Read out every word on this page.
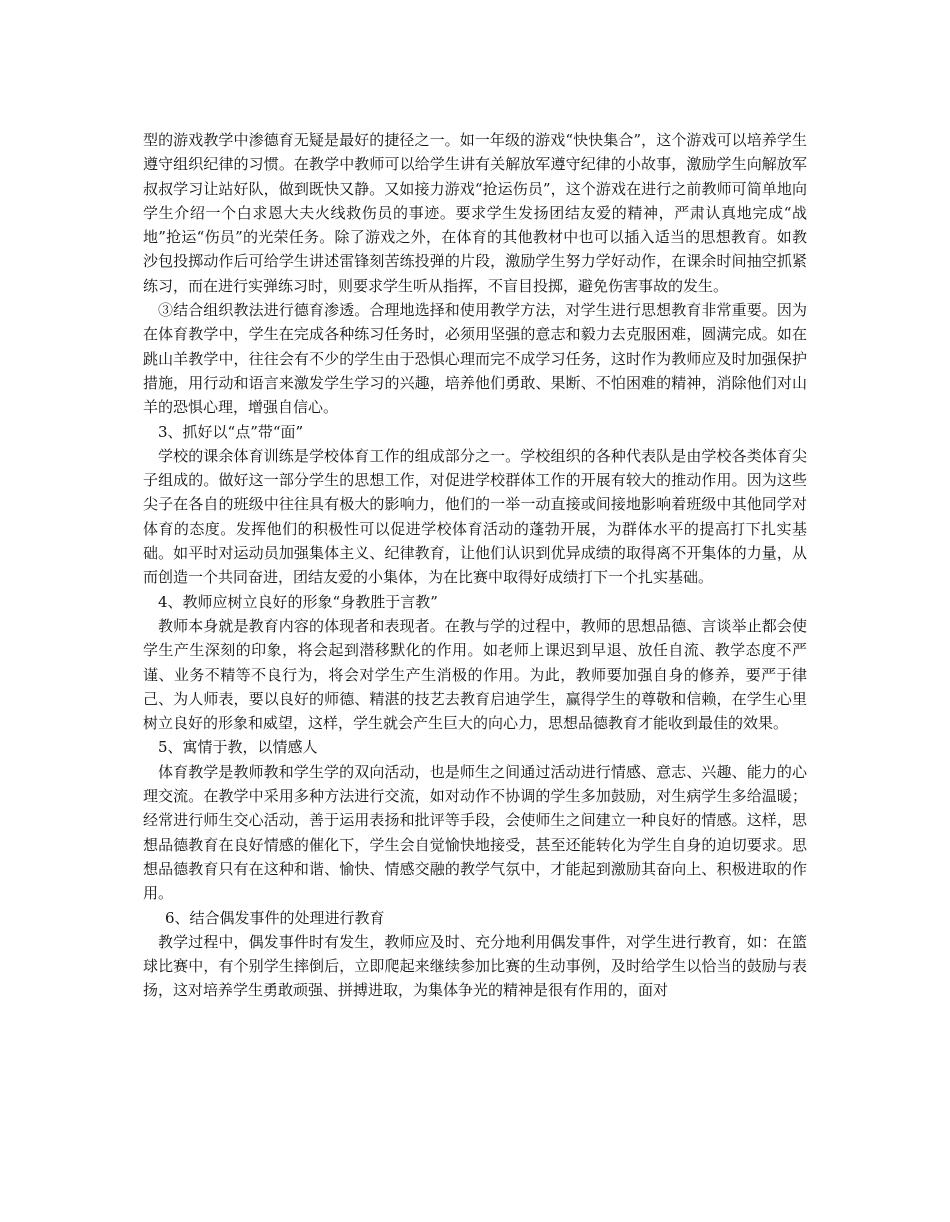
型的游戏教学中渗德育无疑是最好的捷径之一。如一年级的游戏“快快集合”，这个游戏可以培养学生遵守组织纪律的习惯。在教学中教师可以给学生讲有关解放军遵守纪律的小故事，激励学生向解放军叔叔学习让站好队，做到既快又静。又如接力游戏“抢运伤员”，这个游戏在进行之前教师可简单地向学生介绍一个白求恩大夫火线救伤员的事迹。要求学生发扬团结友爱的精神，严肃认真地完成“战地”抢运“伤员”的光荣任务。除了游戏之外，在体育的其他教材中也可以插入适当的思想教育。如教沙包投掷动作后可给学生讲述雷锋刻苦练投弹的片段，激励学生努力学好动作，在课余时间抽空抓紧练习，而在进行实弹练习时，则要求学生听从指挥，不盲目投掷，避免伤害事故的发生。

③结合组织教法进行德育渗透。合理地选择和使用教学方法，对学生进行思想教育非常重要。因为在体育教学中，学生在完成各种练习任务时，必须用坚强的意志和毅力去克服困难，圆满完成。如在跳山羊教学中，往往会有不少的学生由于恐惧心理而完不成学习任务，这时作为教师应及时加强保护措施，用行动和语言来激发学生学习的兴趣，培养他们勇敢、果断、不怕困难的精神，消除他们对山羊的恐惧心理，增强自信心。

3、抓好以“点”带“面”

学校的课余体育训练是学校体育工作的组成部分之一。学校组织的各种代表队是由学校各类体育尖子组成的。做好这一部分学生的思想工作，对促进学校群体工作的开展有较大的推动作用。因为这些尖子在各自的班级中往往具有极大的影响力，他们的一举一动直接或间接地影响着班级中其他同学对体育的态度。发挥他们的积极性可以促进学校体育活动的蓬勃开展，为群体水平的提高打下扎实基础。如平时对运动员加强集体主义、纪律教育，让他们认识到优异成绩的取得离不开集体的力量，从而创造一个共同奋进，团结友爱的小集体，为在比赛中取得好成绩打下一个扎实基础。

4、教师应树立良好的形象“身教胜于言教”

教师本身就是教育内容的体现者和表现者。在教与学的过程中，教师的思想品德、言谈举止都会使学生产生深刻的印象，将会起到潜移默化的作用。如老师上课迟到早退、放任自流、教学态度不严谨、业务不精等不良行为，将会对学生产生消极的作用。为此，教师要加强自身的修养，要严于律己、为人师表，要以良好的师德、精湛的技艺去教育启迪学生，赢得学生的尊敬和信赖，在学生心里树立良好的形象和威望，这样，学生就会产生巨大的向心力，思想品德教育才能收到最佳的效果。

5、寓情于教，以情感人

体育教学是教师教和学生学的双向活动，也是师生之间通过活动进行情感、意志、兴趣、能力的心理交流。在教学中采用多种方法进行交流，如对动作不协调的学生多加鼓励，对生病学生多给温暖；经常进行师生交心活动，善于运用表扬和批评等手段，会使师生之间建立一种良好的情感。这样，思想品德教育在良好情感的催化下，学生会自觉愉快地接受，甚至还能转化为学生自身的迫切要求。思想品德教育只有在这种和谐、愉快、情感交融的教学气氛中，才能起到激励其奋向上、积极进取的作用。

6、结合偶发事件的处理进行教育

教学过程中，偶发事件时有发生，教师应及时、充分地利用偶发事件，对学生进行教育，如：在篮球比赛中，有个别学生摔倒后，立即爬起来继续参加比赛的生动事例，及时给学生以恰当的鼓励与表扬，这对培养学生勇敢顽强、拼搏进取，为集体争光的精神是很有作用的，面对
